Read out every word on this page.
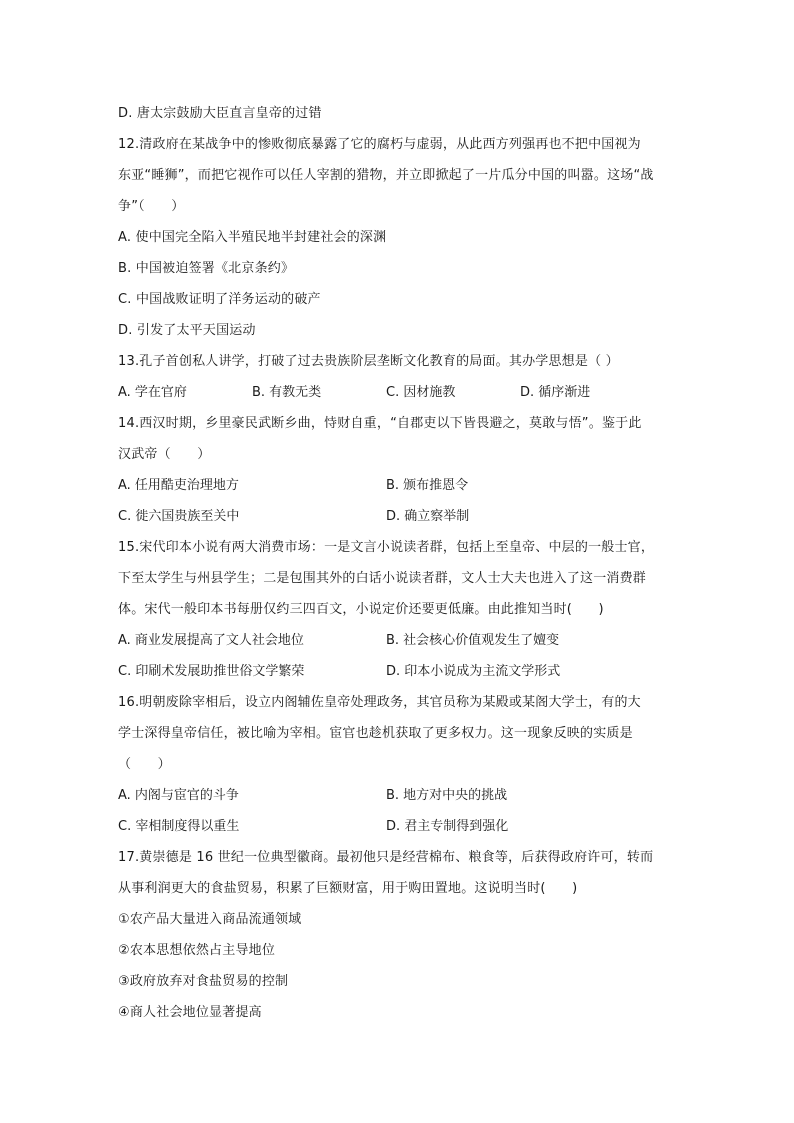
D. 唐太宗鼓励大臣直言皇帝的过错
12.清政府在某战争中的惨败彻底暴露了它的腐朽与虚弱，从此西方列强再也不把中国视为
东亚“睡狮”，而把它视作可以任人宰割的猎物，并立即掀起了一片瓜分中国的叫嚣。这场“战
争”（　　）
A. 使中国完全陷入半殖民地半封建社会的深渊
B. 中国被迫签署《北京条约》
C. 中国战败证明了洋务运动的破产
D. 引发了太平天国运动
13.孔子首创私人讲学，打破了过去贵族阶层垄断文化教育的局面。其办学思想是（ ）
A. 学在官府	B. 有教无类	C. 因材施教	D. 循序渐进
14.西汉时期，乡里豪民武断乡曲，恃财自重，“自郡吏以下皆畏避之，莫敢与悟”。鉴于此
汉武帝（　　）
A. 任用酷吏治理地方	B. 颁布推恩令
C. 徙六国贵族至关中	D. 确立察举制
15.宋代印本小说有两大消费市场：一是文言小说读者群，包括上至皇帝、中层的一般士官，
下至太学生与州县学生；二是包围其外的白话小说读者群，文人士大夫也进入了这一消费群
体。宋代一般印本书每册仅约三四百文，小说定价还要更低廉。由此推知当时(　　)
A. 商业发展提高了文人社会地位	B. 社会核心价值观发生了嬗变
C. 印刷术发展助推世俗文学繁荣	D. 印本小说成为主流文学形式
16.明朝废除宰相后，设立内阁辅佐皇帝处理政务，其官员称为某殿或某阁大学士，有的大
学士深得皇帝信任，被比喻为宰相。宦官也趁机获取了更多权力。这一现象反映的实质是
（　　）
A. 内阁与宦官的斗争	B. 地方对中央的挑战
C. 宰相制度得以重生	D. 君主专制得到强化
17.黄崇德是 16 世纪一位典型徽商。最初他只是经营棉布、粮食等，后获得政府许可，转而
从事利润更大的食盐贸易，积累了巨额财富，用于购田置地。这说明当时(　　)
①农产品大量进入商品流通领域
②农本思想依然占主导地位
③政府放弃对食盐贸易的控制
④商人社会地位显著提高
